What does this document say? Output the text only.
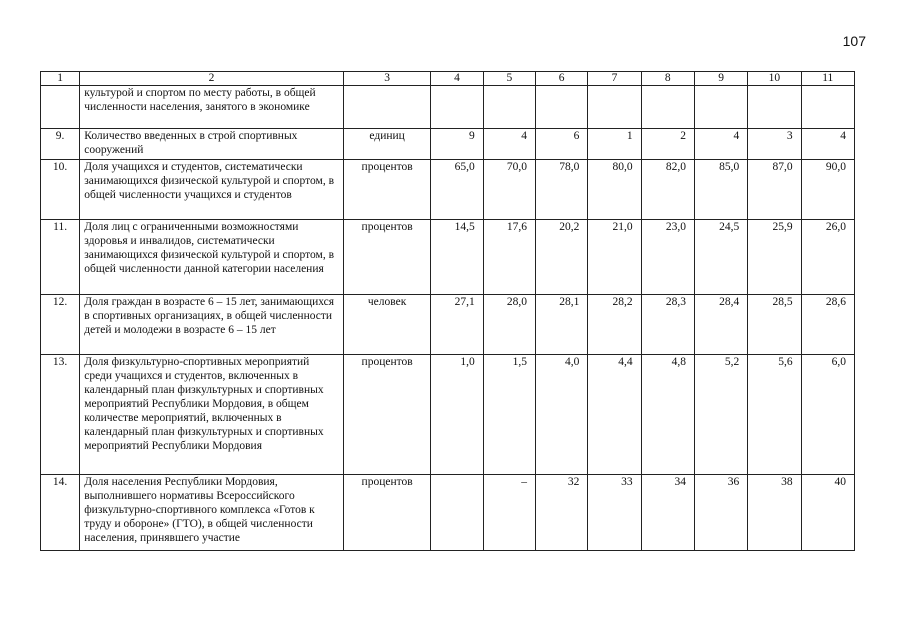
107
1	2	3	4	5	6	7	8	9	10	11
	культурой и спортом по месту работы, в общей численности населения, занятого в экономике									
9.	Количество введенных в строй спортивных сооружений	единиц	9	4	6	1	2	4	3	4
10.	Доля учащихся и студентов, систематически занимающихся физической культурой и спортом, в общей численности учащихся и студентов	процентов	65,0	70,0	78,0	80,0	82,0	85,0	87,0	90,0
11.	Доля лиц с ограниченными возможностями здоровья и инвалидов, систематически занимающихся физической культурой и спортом, в общей численности данной категории населения	процентов	14,5	17,6	20,2	21,0	23,0	24,5	25,9	26,0
12.	Доля граждан в возрасте 6 – 15 лет, занимающихся в спортивных организациях, в общей численности детей и молодежи в возрасте 6 – 15 лет	человек	27,1	28,0	28,1	28,2	28,3	28,4	28,5	28,6
13.	Доля физкультурно-спортивных мероприятий среди учащихся и студентов, включенных в календарный план физкультурных и спортивных мероприятий Республики Мордовия, в общем количестве мероприятий, включенных в календарный план физкультурных и спортивных мероприятий Республики Мордовия	процентов	1,0	1,5	4,0	4,4	4,8	5,2	5,6	6,0
14.	Доля населения Республики Мордовия, выполнившего нормативы Всероссийского физкультурно-спортивного комплекса «Готов к труду и обороне» (ГТО), в общей численности населения, принявшего участие	процентов		–	32	33	34	36	38	40
